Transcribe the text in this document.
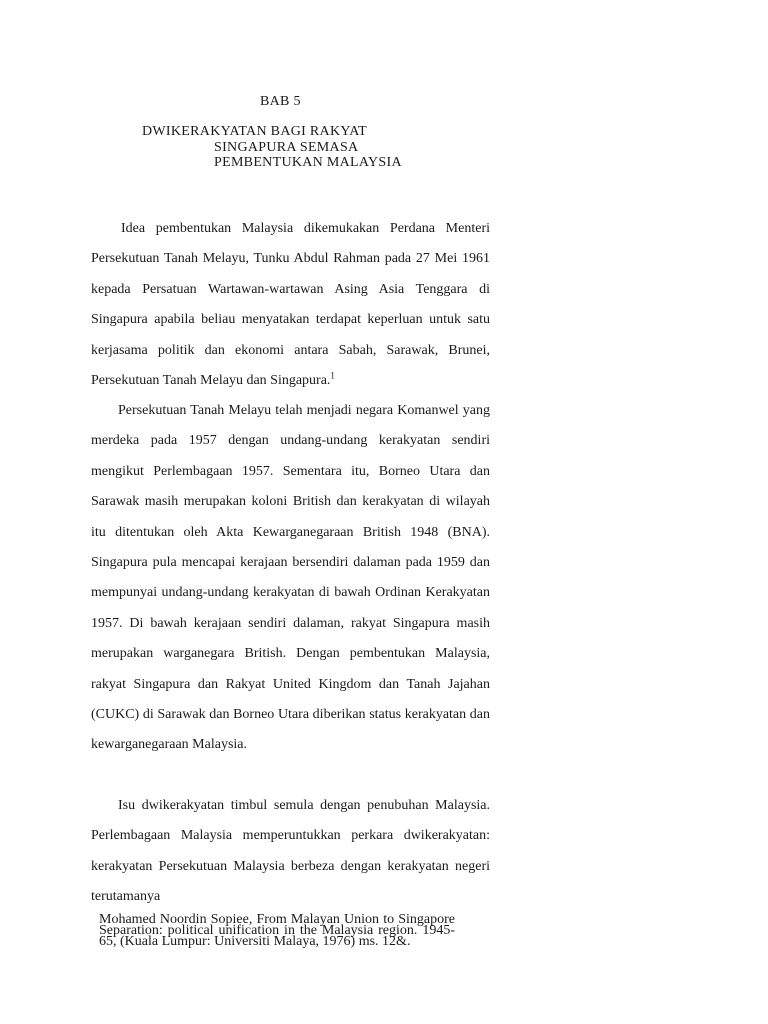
BAB 5
DWIKERAKYATAN BAGI RAKYAT
SINGAPURA SEMASA
PEMBENTUKAN MALAYSIA

Idea pembentukan Malaysia dikemukakan Perdana Menteri Persekutuan Tanah Melayu, Tunku Abdul Rahman pada 27 Mei 1961 kepada Persatuan Wartawan-wartawan Asing Asia Tenggara di Singapura apabila beliau menyatakan terdapat keperluan untuk satu kerjasama politik dan ekonomi antara Sabah, Sarawak, Brunei, Persekutuan Tanah Melayu dan Singapura.$^1$

Persekutuan Tanah Melayu telah menjadi negara Komanwel yang merdeka pada 1957 dengan undang-undang kerakyatan sendiri mengikut Perlembagaan 1957. Sementara itu, Borneo Utara dan Sarawak masih merupakan koloni British dan kerakyatan di wilayah itu ditentukan oleh Akta Kewarganegaraan British 1948 (BNA). Singapura pula mencapai kerajaan bersendiri dalaman pada 1959 dan mempunyai undang-undang kerakyatan di bawah Ordinan Kerakyatan 1957. Di bawah kerajaan sendiri dalaman, rakyat Singapura masih merupakan warganegara British. Dengan pembentukan Malaysia, rakyat Singapura dan Rakyat United Kingdom dan Tanah Jajahan (CUKC) di Sarawak dan Borneo Utara diberikan status kerakyatan dan kewarganegaraan Malaysia.

Isu dwikerakyatan timbul semula dengan penubuhan Malaysia. Perlembagaan Malaysia memperuntukkan perkara dwikerakyatan: kerakyatan Persekutuan Malaysia berbeza dengan kerakyatan negeri terutamanya

Mohamed Noordin Sopiee, From Malayan Union to Singapore Separation: political unification in the Malaysia region. 1945-65, (Kuala Lumpur: Universiti Malaya, 1976) ms. 12&.
